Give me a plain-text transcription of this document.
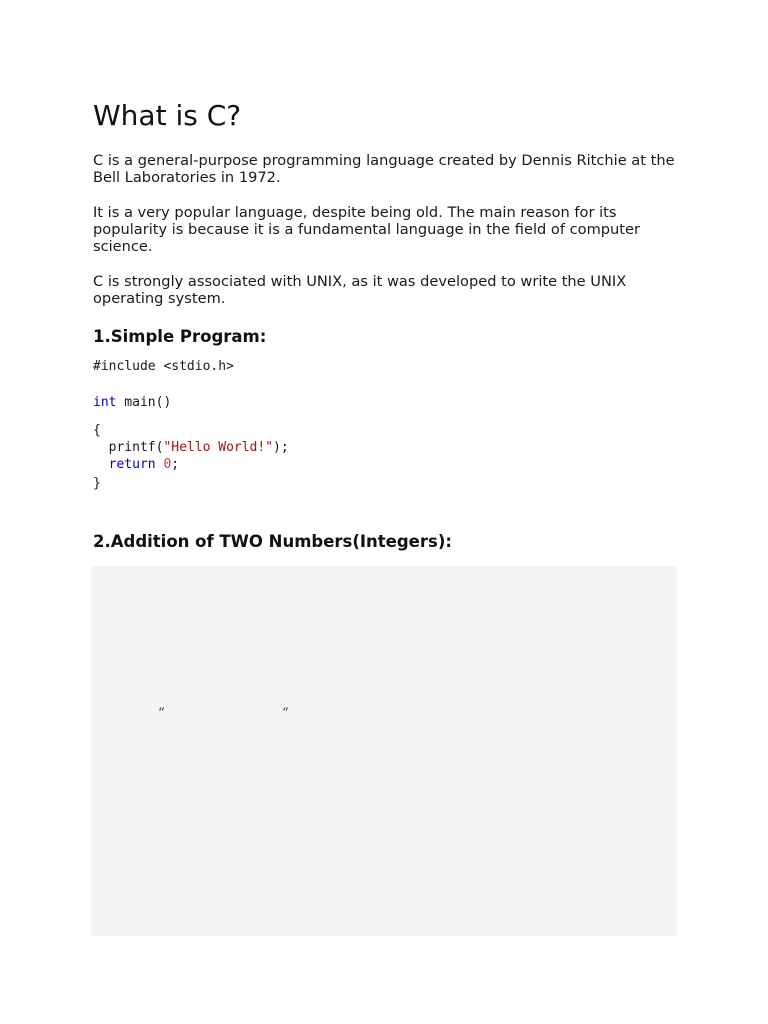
What is C?

C is a general-purpose programming language created by Dennis Ritchie at the Bell Laboratories in 1972.

It is a very popular language, despite being old. The main reason for its popularity is because it is a fundamental language in the field of computer science.

C is strongly associated with UNIX, as it was developed to write the UNIX operating system.

1.Simple Program:
#include <stdio.h>
int main()
{
printf("Hello World!");
return 0;
}
2.Addition of TWO Numbers(Integers):
“	“
